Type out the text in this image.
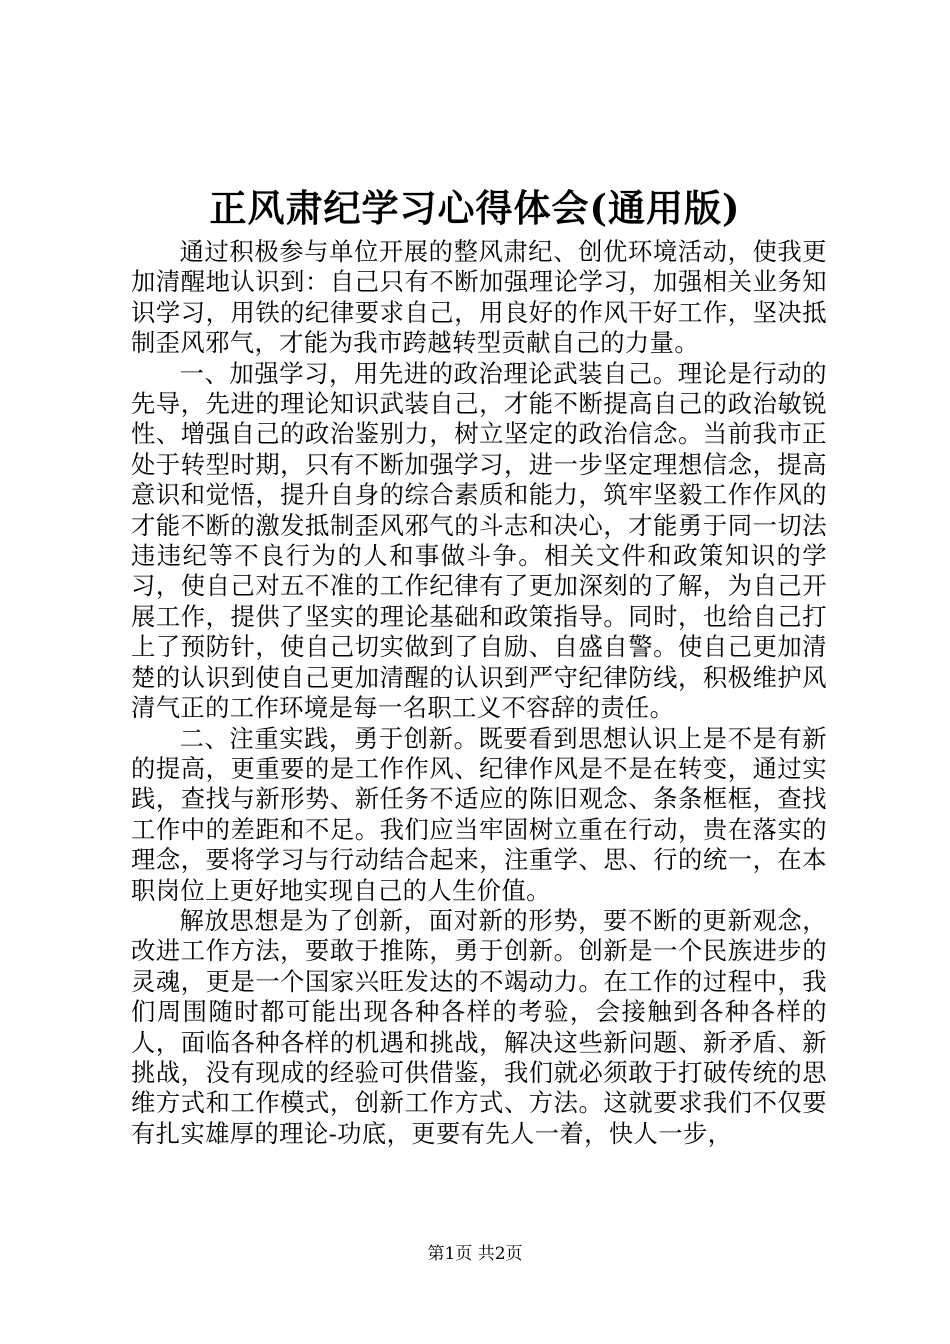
正风肃纪学习心得体会(通用版)

通过积极参与单位开展的整风肃纪、创优环境活动，使我更加清醒地认识到：自己只有不断加强理论学习，加强相关业务知识学习，用铁的纪律要求自己，用良好的作风干好工作，坚决抵制歪风邪气，才能为我市跨越转型贡献自己的力量。

一、加强学习，用先进的政治理论武装自己。理论是行动的先导，先进的理论知识武装自己，才能不断提高自己的政治敏锐性、增强自己的政治鉴别力，树立坚定的政治信念。当前我市正处于转型时期，只有不断加强学习，进一步坚定理想信念，提高意识和觉悟，提升自身的综合素质和能力，筑牢坚毅工作作风的才能不断的激发抵制歪风邪气的斗志和决心，才能勇于同一切法违违纪等不良行为的人和事做斗争。相关文件和政策知识的学习，使自己对五不准的工作纪律有了更加深刻的了解，为自己开展工作，提供了坚实的理论基础和政策指导。同时，也给自己打上了预防针，使自己切实做到了自励、自盛自警。使自己更加清楚的认识到使自己更加清醒的认识到严守纪律防线，积极维护风清气正的工作环境是每一名职工义不容辞的责任。

二、注重实践，勇于创新。既要看到思想认识上是不是有新的提高，更重要的是工作作风、纪律作风是不是在转变，通过实践，查找与新形势、新任务不适应的陈旧观念、条条框框，查找工作中的差距和不足。我们应当牢固树立重在行动，贵在落实的理念，要将学习与行动结合起来，注重学、思、行的统一，在本职岗位上更好地实现自己的人生价值。

解放思想是为了创新，面对新的形势，要不断的更新观念，改进工作方法，要敢于推陈，勇于创新。创新是一个民族进步的灵魂，更是一个国家兴旺发达的不竭动力。在工作的过程中，我们周围随时都可能出现各种各样的考验，会接触到各种各样的人，面临各种各样的机遇和挑战，解决这些新问题、新矛盾、新挑战，没有现成的经验可供借鉴，我们就必须敢于打破传统的思维方式和工作模式，创新工作方式、方法。这就要求我们不仅要有扎实雄厚的理论-功底，更要有先人一着，快人一步，

第1页 共2页
